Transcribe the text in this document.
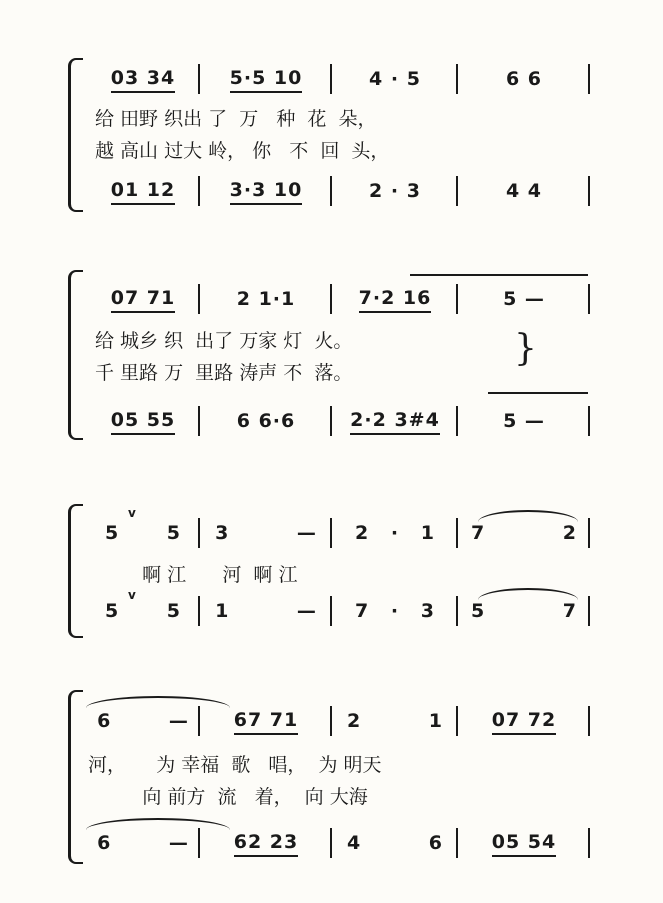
03 34	5·5 10	4 · 5	6 6
给 田野 织出 了  万   种  花  朵，
越 高山 过大 岭， 你   不  回  头，
01 12	3·3 10	2 · 3	4 4
07 71	2 1·1	7·2 16	5 —
给 城乡 织  出了 万家 灯  火。
千 里路 万  里路 涛声 不  落。
}
05 55	6 6·6	2·2 3#4	5 —
v
5 5 3 — 2 · 1 7 2
啊 江      河  啊 江
v
5 5 1 — 7 · 3 5 7
6 — 67 71	2 1	07 72
河，     为 幸福  歌   唱，  为 明天
向 前方  流   着，  向 大海
6 — 62 23	4 6	05 54
